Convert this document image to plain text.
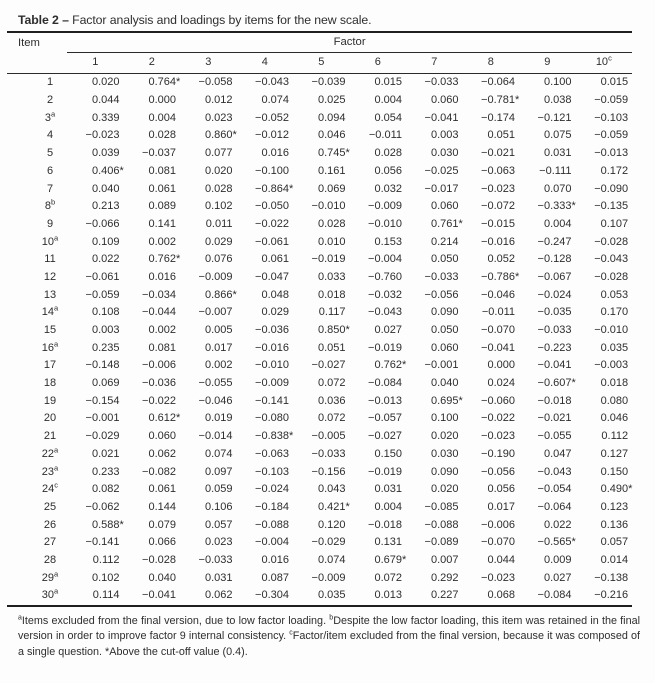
Table 2 – Factor analysis and loadings by items for the new scale.
Item	Factor									
	1	2	3	4	5	6	7	8	9	10$^c$
1	0.020	0.764*	−0.058	−0.043	−0.039	0.015	−0.033	−0.064	0.100	0.015
2	0.044	0.000	0.012	0.074	0.025	0.004	0.060	−0.781*	0.038	−0.059
3$^a$	0.339	0.004	0.023	−0.052	0.094	0.054	−0.041	−0.174	−0.121	−0.103
4	−0.023	0.028	0.860*	−0.012	0.046	−0.011	0.003	0.051	0.075	−0.059
5	0.039	−0.037	0.077	0.016	0.745*	0.028	0.030	−0.021	0.031	−0.013
6	0.406*	0.081	0.020	−0.100	0.161	0.056	−0.025	−0.063	−0.111	0.172
7	0.040	0.061	0.028	−0.864*	0.069	0.032	−0.017	−0.023	0.070	−0.090
8$^b$	0.213	0.089	0.102	−0.050	−0.010	−0.009	0.060	−0.072	−0.333*	−0.135
9	−0.066	0.141	0.011	−0.022	0.028	−0.010	0.761*	−0.015	0.004	0.107
10$^a$	0.109	0.002	0.029	−0.061	0.010	0.153	0.214	−0.016	−0.247	−0.028
11	0.022	0.762*	0.076	0.061	−0.019	−0.004	0.050	0.052	−0.128	−0.043
12	−0.061	0.016	−0.009	−0.047	0.033	−0.760	−0.033	−0.786*	−0.067	−0.028
13	−0.059	−0.034	0.866*	0.048	0.018	−0.032	−0.056	−0.046	−0.024	0.053
14$^a$	0.108	−0.044	−0.007	0.029	0.117	−0.043	0.090	−0.011	−0.035	0.170
15	0.003	0.002	0.005	−0.036	0.850*	0.027	0.050	−0.070	−0.033	−0.010
16$^a$	0.235	0.081	0.017	−0.016	0.051	−0.019	0.060	−0.041	−0.223	0.035
17	−0.148	−0.006	0.002	−0.010	−0.027	0.762*	−0.001	0.000	−0.041	−0.003
18	0.069	−0.036	−0.055	−0.009	0.072	−0.084	0.040	0.024	−0.607*	0.018
19	−0.154	−0.022	−0.046	−0.141	0.036	−0.013	0.695*	−0.060	−0.018	0.080
20	−0.001	0.612*	0.019	−0.080	0.072	−0.057	0.100	−0.022	−0.021	0.046
21	−0.029	0.060	−0.014	−0.838*	−0.005	−0.027	0.020	−0.023	−0.055	0.112
22$^a$	0.021	0.062	0.074	−0.063	−0.033	0.150	0.030	−0.190	0.047	0.127
23$^a$	0.233	−0.082	0.097	−0.103	−0.156	−0.019	0.090	−0.056	−0.043	0.150
24$^c$	0.082	0.061	0.059	−0.024	0.043	0.031	0.020	0.056	−0.054	0.490*
25	−0.062	0.144	0.106	−0.184	0.421*	0.004	−0.085	0.017	−0.064	0.123
26	0.588*	0.079	0.057	−0.088	0.120	−0.018	−0.088	−0.006	0.022	0.136
27	−0.141	0.066	0.023	−0.004	−0.029	0.131	−0.089	−0.070	−0.565*	0.057
28	0.112	−0.028	−0.033	0.016	0.074	0.679*	0.007	0.044	0.009	0.014
29$^a$	0.102	0.040	0.031	0.087	−0.009	0.072	0.292	−0.023	0.027	−0.138
30$^a$	0.114	−0.041	0.062	−0.304	0.035	0.013	0.227	0.068	−0.084	−0.216

$^a$Items excluded from the final version, due to low factor loading. $^b$Despite the low factor loading, this item was retained in the final version in order to improve factor 9 internal consistency. $^c$Factor/item excluded from the final version, because it was composed of a single question. *Above the cut-off value (0.4).
